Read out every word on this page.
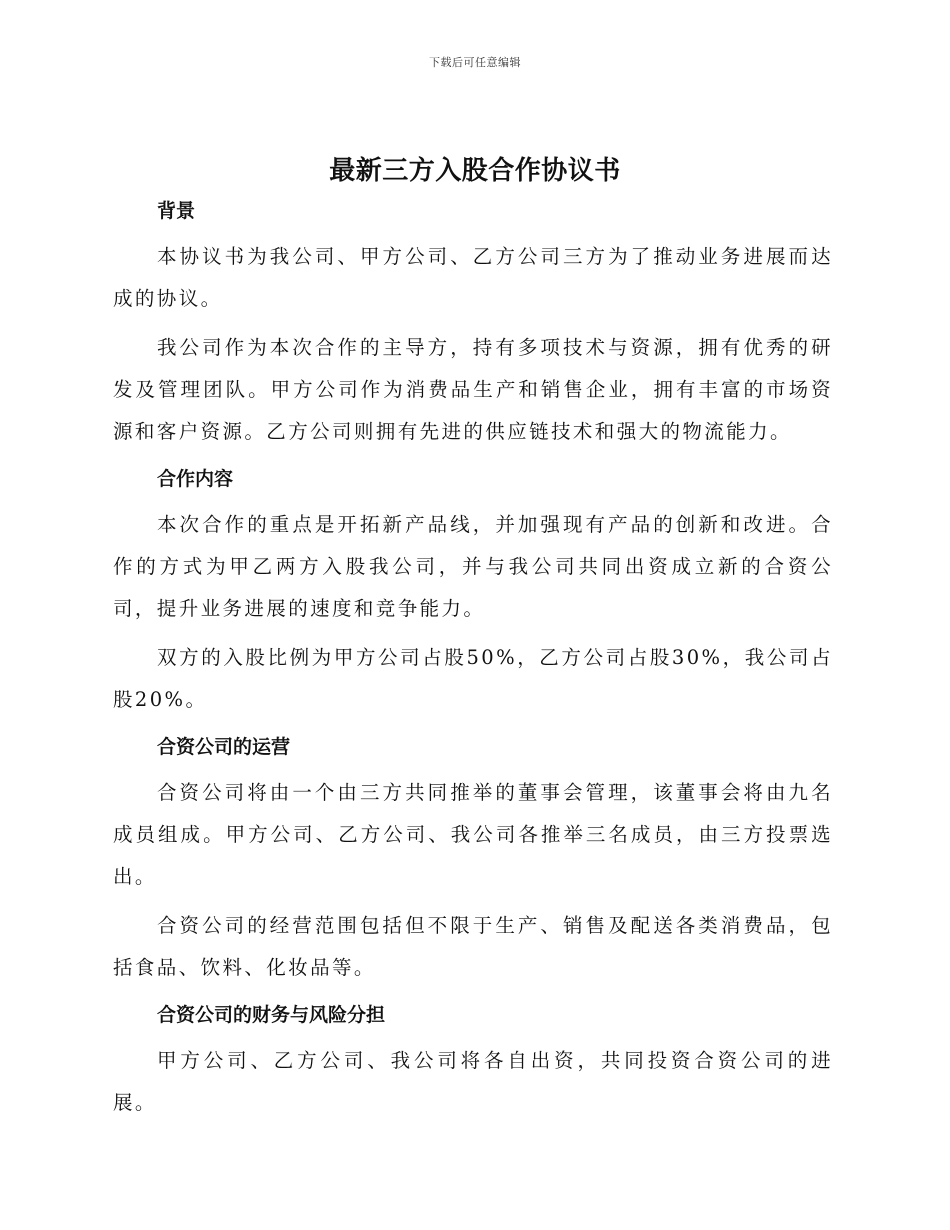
下载后可任意编辑
最新三方入股合作协议书
背景

本协议书为我公司、甲方公司、乙方公司三方为了推动业务进展而达成的协议。

我公司作为本次合作的主导方，持有多项技术与资源，拥有优秀的研发及管理团队。甲方公司作为消费品生产和销售企业，拥有丰富的市场资源和客户资源。乙方公司则拥有先进的供应链技术和强大的物流能力。

合作内容

本次合作的重点是开拓新产品线，并加强现有产品的创新和改进。合作的方式为甲乙两方入股我公司，并与我公司共同出资成立新的合资公司，提升业务进展的速度和竞争能力。

双方的入股比例为甲方公司占股50%，乙方公司占股30%，我公司占股20%。

合资公司的运营

合资公司将由一个由三方共同推举的董事会管理，该董事会将由九名成员组成。甲方公司、乙方公司、我公司各推举三名成员，由三方投票选出。

合资公司的经营范围包括但不限于生产、销售及配送各类消费品，包括食品、饮料、化妆品等。

合资公司的财务与风险分担

甲方公司、乙方公司、我公司将各自出资，共同投资合资公司的进展。
